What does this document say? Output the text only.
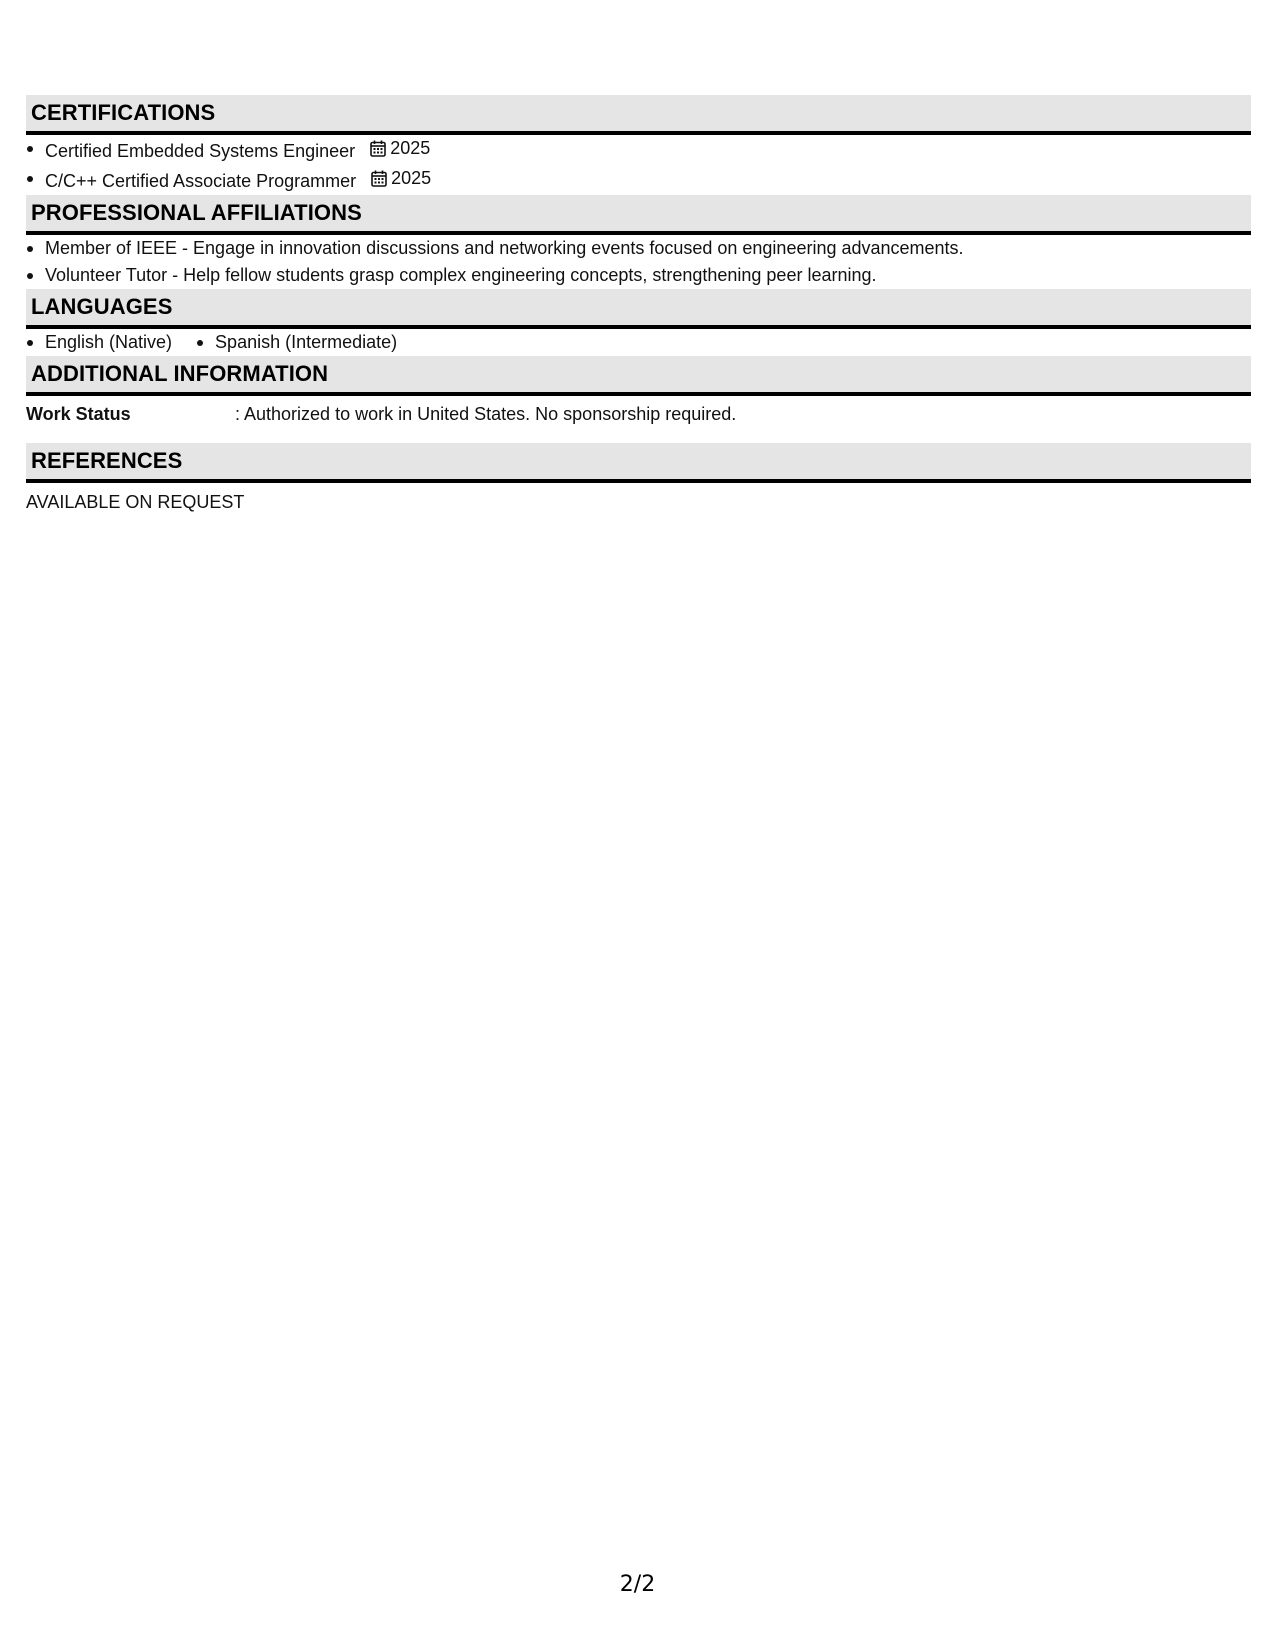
CERTIFICATIONS
Certified Embedded Systems Engineer 2025
C/C++ Certified Associate Programmer 2025
PROFESSIONAL AFFILIATIONS
Member of IEEE - Engage in innovation discussions and networking events focused on engineering advancements.
Volunteer Tutor - Help fellow students grasp complex engineering concepts, strengthening peer learning.
LANGUAGES
English (Native)	Spanish (Intermediate)
ADDITIONAL INFORMATION
Work Status	: Authorized to work in United States. No sponsorship required.
REFERENCES
AVAILABLE ON REQUEST
2/2
